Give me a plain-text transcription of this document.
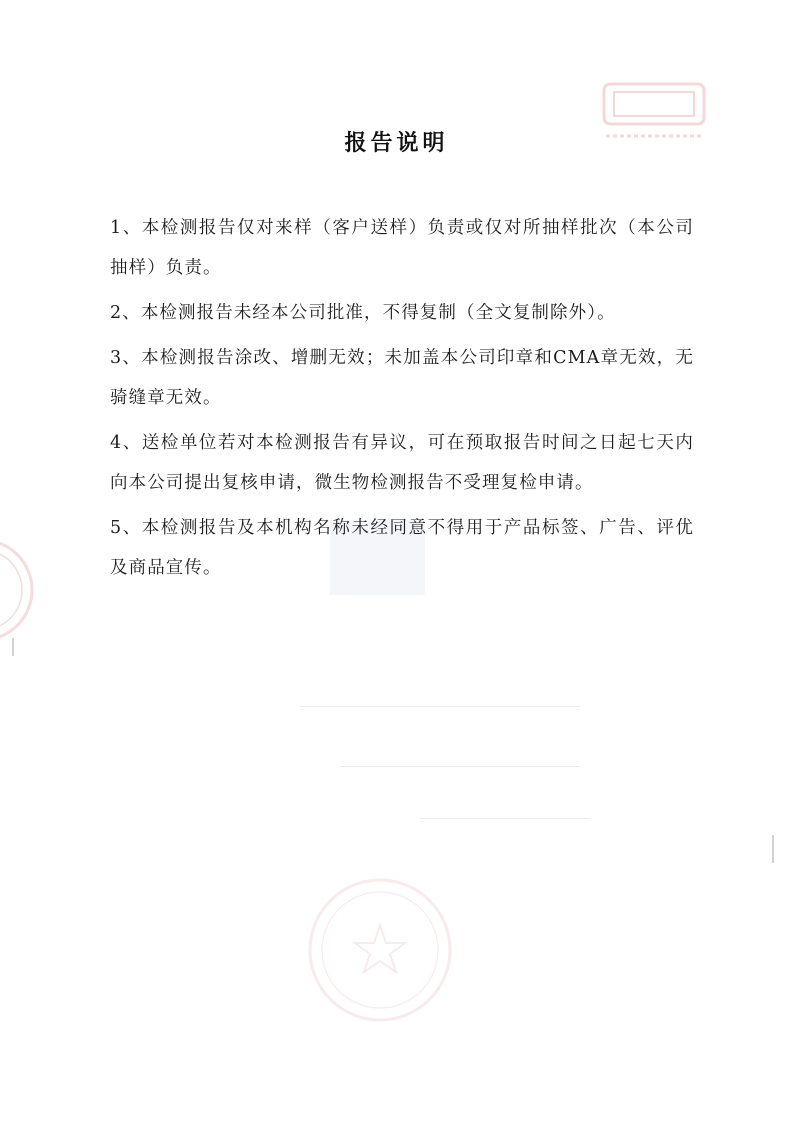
报告说明

1、本检测报告仅对来样（客户送样）负责或仅对所抽样批次（本公司抽样）负责。

2、本检测报告未经本公司批准，不得复制（全文复制除外）。

3、本检测报告涂改、增删无效；未加盖本公司印章和CMA章无效，无骑缝章无效。

4、送检单位若对本检测报告有异议，可在预取报告时间之日起七天内向本公司提出复核申请，微生物检测报告不受理复检申请。

5、本检测报告及本机构名称未经同意不得用于产品标签、广告、评优及商品宣传。
